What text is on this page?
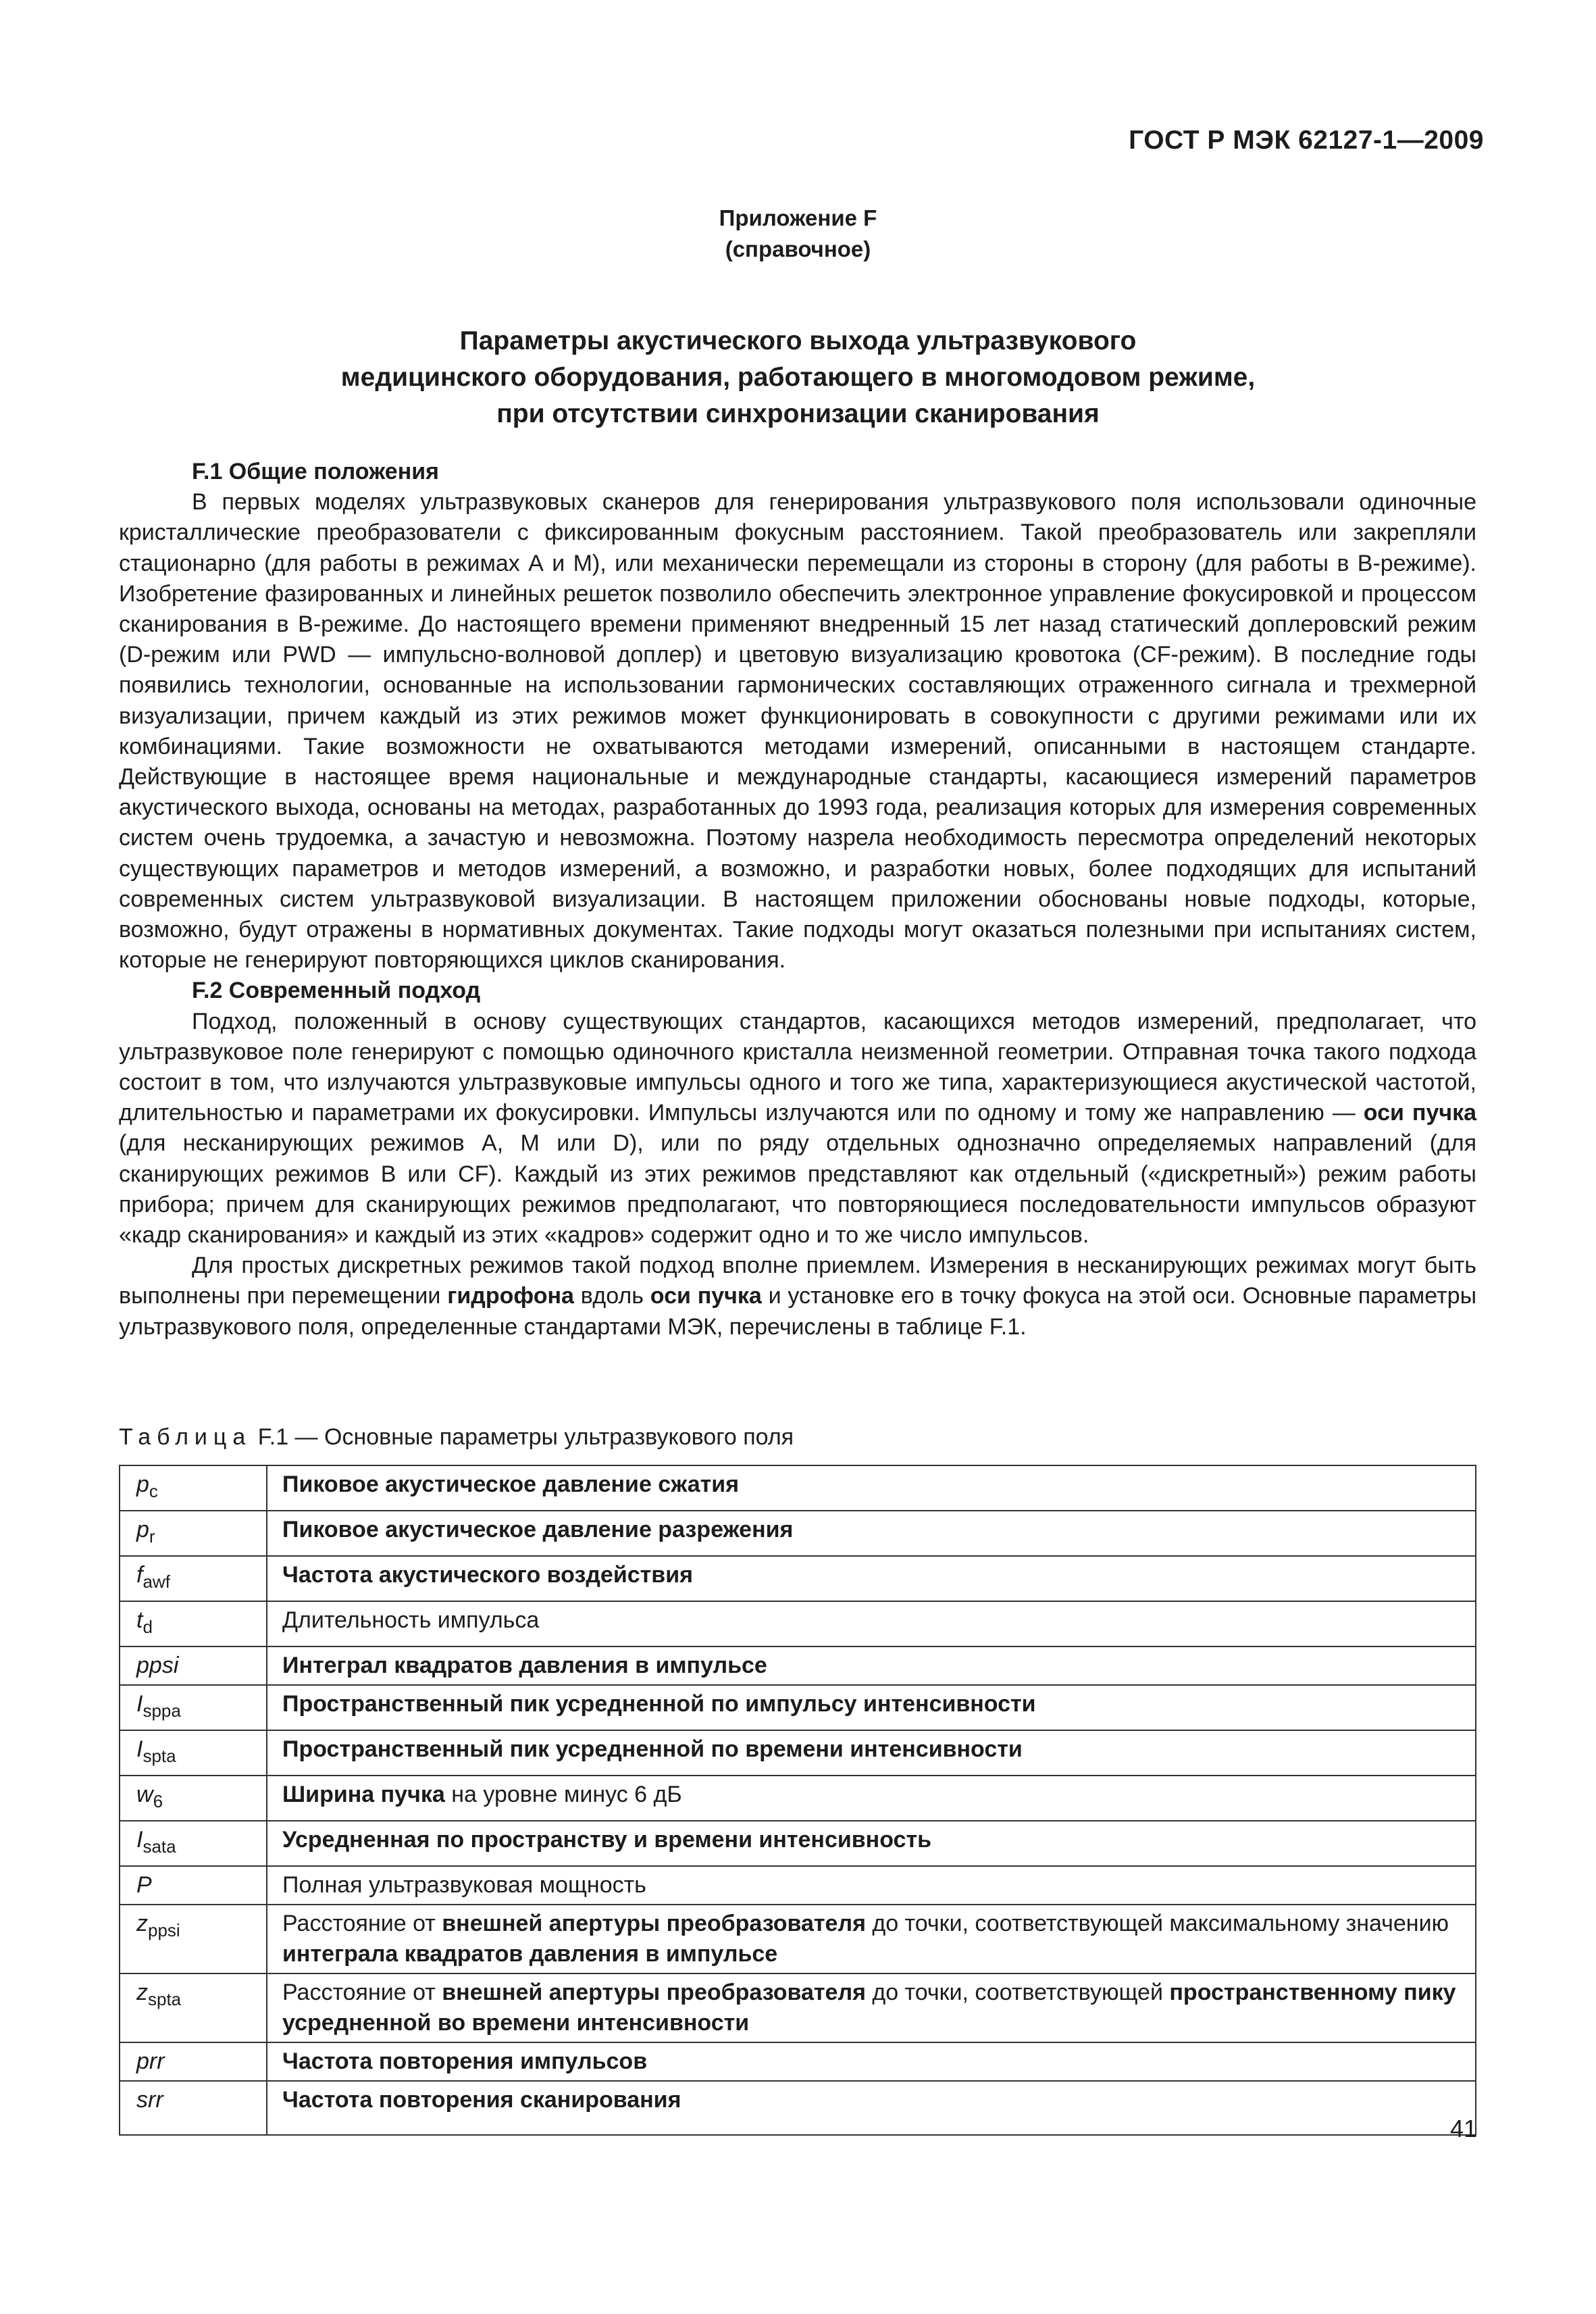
ГОСТ Р МЭК 62127-1—2009
Приложение F
(справочное)
Параметры акустического выхода ультразвукового
медицинского оборудования, работающего в многомодовом режиме,
при отсутствии синхронизации сканирования
F.1 Общие положения

В первых моделях ультразвуковых сканеров для генерирования ультразвукового поля использовали одиночные кристаллические преобразователи с фиксированным фокусным расстоянием. Такой преобразователь или закрепляли стационарно (для работы в режимах А и М), или механически перемещали из стороны в сторону (для работы в В-режиме). Изобретение фазированных и линейных решеток позволило обеспечить электронное управление фокусировкой и процессом сканирования в В-режиме. До настоящего времени применяют внедренный 15 лет назад статический доплеровский режим (D-режим или PWD — импульсно-волновой доплер) и цветовую визуализацию кровотока (CF-режим). В последние годы появились технологии, основанные на использовании гармонических составляющих отраженного сигнала и трехмерной визуализации, причем каждый из этих режимов может функционировать в совокупности с другими режимами или их комбинациями. Такие возможности не охватываются методами измерений, описанными в настоящем стандарте. Действующие в настоящее время национальные и международные стандарты, касающиеся измерений параметров акустического выхода, основаны на методах, разработанных до 1993 года, реализация которых для измерения современных систем очень трудоемка, а зачастую и невозможна. Поэтому назрела необходимость пересмотра определений некоторых существующих параметров и методов измерений, а возможно, и разработки новых, более подходящих для испытаний современных систем ультразвуковой визуализации. В настоящем приложении обоснованы новые подходы, которые, возможно, будут отражены в нормативных документах. Такие подходы могут оказаться полезными при испытаниях систем, которые не генерируют повторяющихся циклов сканирования.

F.2 Современный подход

Подход, положенный в основу существующих стандартов, касающихся методов измерений, предполагает, что ультразвуковое поле генерируют с помощью одиночного кристалла неизменной геометрии. Отправная точка такого подхода состоит в том, что излучаются ультразвуковые импульсы одного и того же типа, характеризующиеся акустической частотой, длительностью и параметрами их фокусировки. Импульсы излучаются или по одному и тому же направлению — оси пучка (для несканирующих режимов А, М или D), или по ряду отдельных однозначно определяемых направлений (для сканирующих режимов В или CF). Каждый из этих режимов представляют как отдельный («дискретный») режим работы прибора; причем для сканирующих режимов предполагают, что повторяющиеся последовательности импульсов образуют «кадр сканирования» и каждый из этих «кадров» содержит одно и то же число импульсов.

Для простых дискретных режимов такой подход вполне приемлем. Измерения в несканирующих режимах могут быть выполнены при перемещении гидрофона вдоль оси пучка и установке его в точку фокуса на этой оси. Основные параметры ультразвукового поля, определенные стандартами МЭК, перечислены в таблице F.1.

Таблица F.1 — Основные параметры ультразвукового поля
$p_c$	Пиковое акустическое давление сжатия
$p_r$	Пиковое акустическое давление разрежения
$f_{awf}$	Частота акустического воздействия
$t_d$	Длительность импульса
ppsi	Интеграл квадратов давления в импульсе
$I_{sppa}$	Пространственный пик усредненной по импульсу интенсивности
$I_{spta}$	Пространственный пик усредненной по времени интенсивности
$w_6$	Ширина пучка на уровне минус 6 дБ
$I_{sata}$	Усредненная по пространству и времени интенсивность
P	Полная ультразвуковая мощность
$z_{ppsi}$	Расстояние от внешней апертуры преобразователя до точки, соответствующей максимальному значению интеграла квадратов давления в импульсе
$z_{spta}$	Расстояние от внешней апертуры преобразователя до точки, соответствующей пространственному пику усредненной во времени интенсивности
prr	Частота повторения импульсов
srr	Частота повторения сканирования
41
